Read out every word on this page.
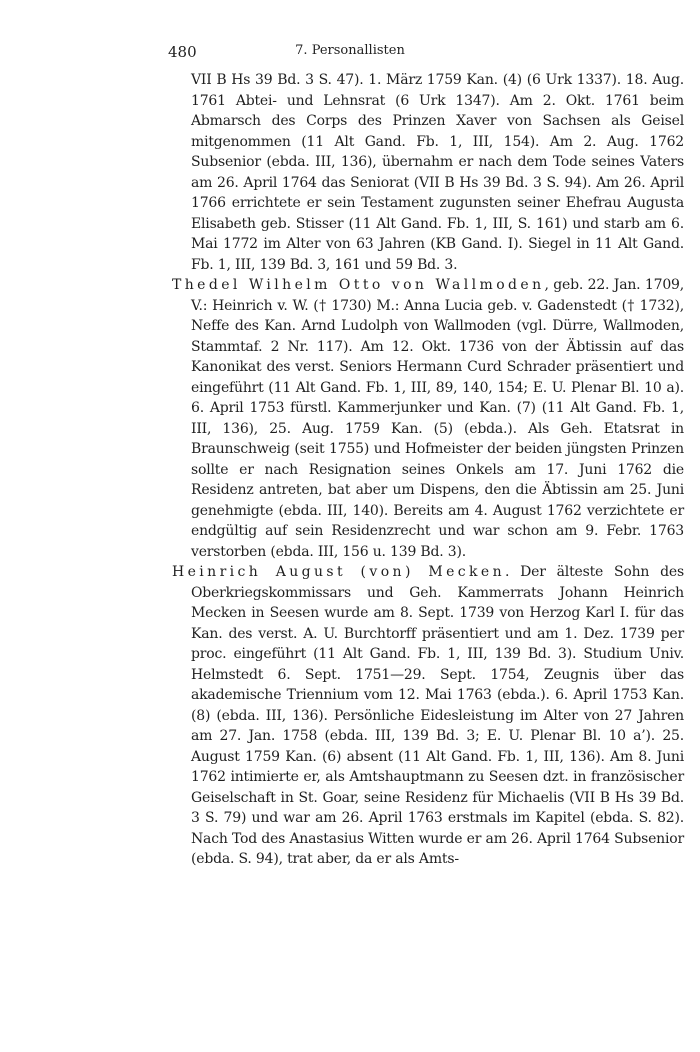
480	7. Personallisten

VII B Hs 39 Bd. 3 S. 47). 1. März 1759 Kan. (4) (6 Urk 1337). 18. Aug. 1761 Abtei- und Lehnsrat (6 Urk 1347). Am 2. Okt. 1761 beim Abmarsch des Corps des Prinzen Xaver von Sachsen als Geisel mitgenommen (11 Alt Gand. Fb. 1, III, 154). Am 2. Aug. 1762 Subsenior (ebda. III, 136), übernahm er nach dem Tode seines Vaters am 26. April 1764 das Seniorat (VII B Hs 39 Bd. 3 S. 94). Am 26. April 1766 errichtete er sein Testament zugunsten seiner Ehefrau Augusta Elisabeth geb. Stisser (11 Alt Gand. Fb. 1, III, S. 161) und starb am 6. Mai 1772 im Alter von 63 Jahren (KB Gand. I). Siegel in 11 Alt Gand. Fb. 1, III, 139 Bd. 3, 161 und 59 Bd. 3.

Thedel Wilhelm Otto von Wallmoden, geb. 22. Jan. 1709, V.: Heinrich v. W. († 1730) M.: Anna Lucia geb. v. Gadenstedt († 1732), Neffe des Kan. Arnd Ludolph von Wallmoden (vgl. Dürre, Wallmoden, Stammtaf. 2 Nr. 117). Am 12. Okt. 1736 von der Äbtissin auf das Kanonikat des verst. Seniors Hermann Curd Schrader präsentiert und eingeführt (11 Alt Gand. Fb. 1, III, 89, 140, 154; E. U. Plenar Bl. 10 a). 6. April 1753 fürstl. Kammerjunker und Kan. (7) (11 Alt Gand. Fb. 1, III, 136), 25. Aug. 1759 Kan. (5) (ebda.). Als Geh. Etatsrat in Braunschweig (seit 1755) und Hofmeister der beiden jüngsten Prinzen sollte er nach Resignation seines Onkels am 17. Juni 1762 die Residenz antreten, bat aber um Dispens, den die Äbtissin am 25. Juni genehmigte (ebda. III, 140). Bereits am 4. August 1762 verzichtete er endgültig auf sein Residenzrecht und war schon am 9. Febr. 1763 verstorben (ebda. III, 156 u. 139 Bd. 3).

Heinrich August (von) Mecken. Der älteste Sohn des Oberkriegskommissars und Geh. Kammerrats Johann Heinrich Mecken in Seesen wurde am 8. Sept. 1739 von Herzog Karl I. für das Kan. des verst. A. U. Burchtorff präsentiert und am 1. Dez. 1739 per proc. eingeführt (11 Alt Gand. Fb. 1, III, 139 Bd. 3). Studium Univ. Helmstedt 6. Sept. 1751—29. Sept. 1754, Zeugnis über das akademische Triennium vom 12. Mai 1763 (ebda.). 6. April 1753 Kan. (8) (ebda. III, 136). Persönliche Eidesleistung im Alter von 27 Jahren am 27. Jan. 1758 (ebda. III, 139 Bd. 3; E. U. Plenar Bl. 10 a’). 25. August 1759 Kan. (6) absent (11 Alt Gand. Fb. 1, III, 136). Am 8. Juni 1762 intimierte er, als Amtshauptmann zu Seesen dzt. in französischer Geiselschaft in St. Goar, seine Residenz für Michaelis (VII B Hs 39 Bd. 3 S. 79) und war am 26. April 1763 erstmals im Kapitel (ebda. S. 82). Nach Tod des Anastasius Witten wurde er am 26. April 1764 Subsenior (ebda. S. 94), trat aber, da er als Amts-
